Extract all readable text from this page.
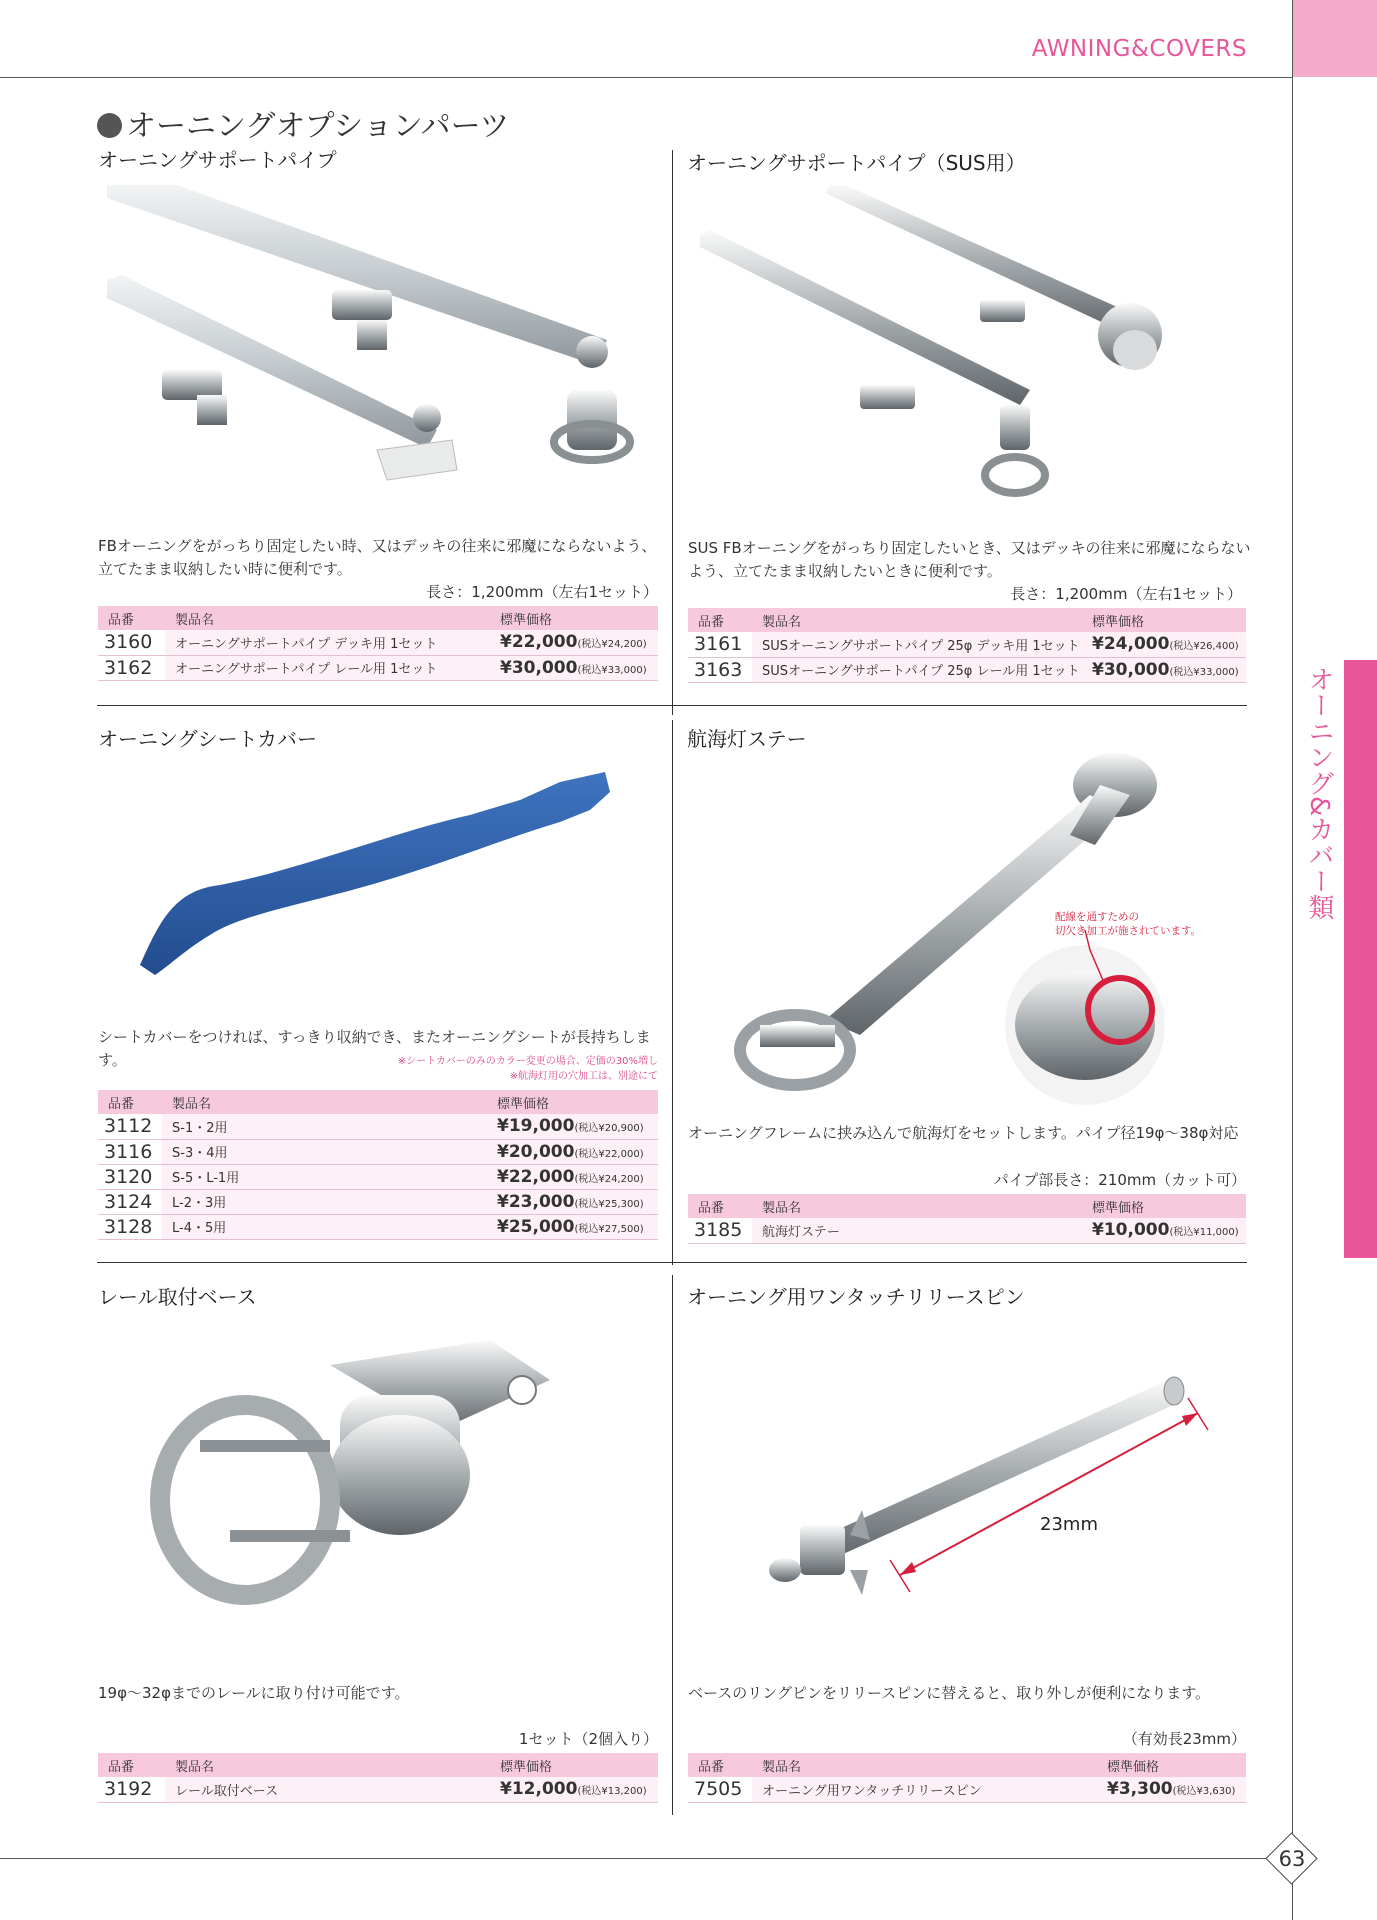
AWNING&COVERS
オーニング&カバー類
63
オーニングオプションパーツ
オーニングサポートパイプ
FBオーニングをがっちり固定したい時、又はデッキの往来に邪魔にならないよう、立てたまま収納したい時に便利です。
長さ：1,200mm（左右1セット）
品番	製品名	標準価格
3160	オーニングサポートパイプ デッキ用 1セット	¥22,000(税込¥24,200)
3162	オーニングサポートパイプ レール用 1セット	¥30,000(税込¥33,000)
オーニングサポートパイプ（SUS用）
SUS FBオーニングをがっちり固定したいとき、又はデッキの往来に邪魔にならないよう、立てたまま収納したいときに便利です。
長さ：1,200mm（左右1セット）
品番	製品名	標準価格
3161	SUSオーニングサポートパイプ 25φ デッキ用 1セット	¥24,000(税込¥26,400)
3163	SUSオーニングサポートパイプ 25φ レール用 1セット	¥30,000(税込¥33,000)
オーニングシートカバー
シートカバーをつければ、すっきり収納でき、またオーニングシートが長持ちします。	※シートカバーのみのカラー変更の場合、定価の30%増し
※航海灯用の穴加工は、別途にて
品番	製品名	標準価格
3112	S-1・2用	¥19,000(税込¥20,900)
3116	S-3・4用	¥20,000(税込¥22,000)
3120	S-5・L-1用	¥22,000(税込¥24,200)
3124	L-2・3用	¥23,000(税込¥25,300)
3128	L-4・5用	¥25,000(税込¥27,500)
航海灯ステー
配線を通すための
切欠き加工が施されています。
オーニングフレームに挟み込んで航海灯をセットします。パイプ径19φ〜38φ対応
パイプ部長さ：210mm（カット可）
品番	製品名	標準価格
3185	航海灯ステー	¥10,000(税込¥11,000)
レール取付ベース
19φ〜32φまでのレールに取り付け可能です。
1セット（2個入り）
品番	製品名	標準価格
3192	レール取付ベース	¥12,000(税込¥13,200)
オーニング用ワンタッチリリースピン
23mm
ベースのリングピンをリリースピンに替えると、取り外しが便利になります。
（有効長23mm）
品番	製品名	標準価格
7505	オーニング用ワンタッチリリースピン	¥3,300(税込¥3,630)
